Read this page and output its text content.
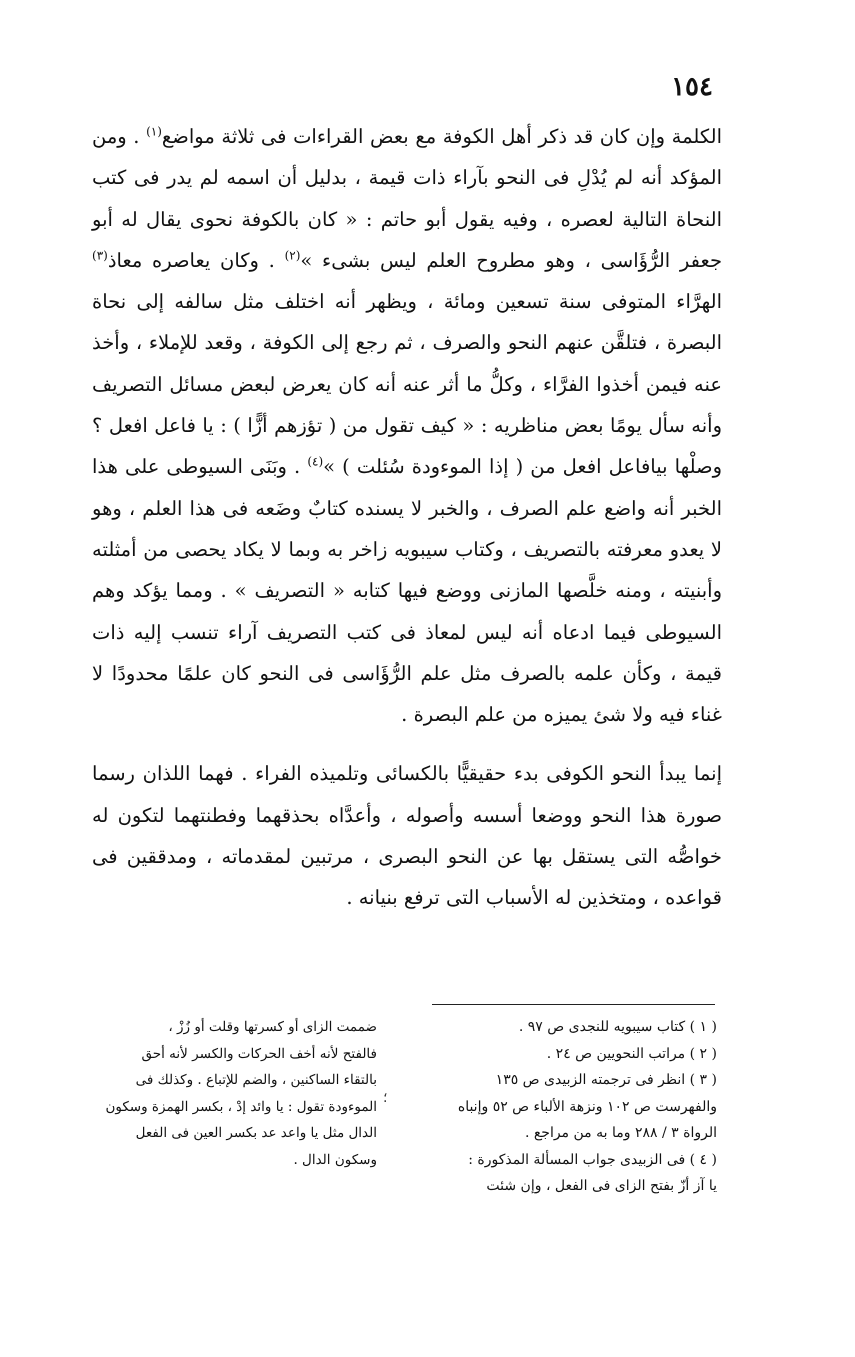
١٥٤

الكلمة وإن كان قد ذكر أهل الكوفة مع بعض القراءات فى ثلاثة مواضع$^{(١)}$ . ومن المؤكد أنه لم يُدْلِ فى النحو بآراء ذات قيمة ، بدليل أن اسمه لم يدر فى كتب النحاة التالية لعصره ، وفيه يقول أبو حاتم : « كان بالكوفة نحوى يقال له أبو جعفر الرُّؤَاسى ، وهو مطروح العلم ليس بشىء »$^{(٢)}$ . وكان يعاصره معاذ$^{(٣)}$ الهرَّاء المتوفى سنة تسعين ومائة ، ويظهر أنه اختلف مثل سالفه إلى نحاة البصرة ، فتلقَّن عنهم النحو والصرف ، ثم رجع إلى الكوفة ، وقعد للإملاء ، وأخذ عنه فيمن أخذوا الفرَّاء ، وكلُّ ما أثر عنه أنه كان يعرض لبعض مسائل التصريف وأنه سأل يومًا بعض مناظريه : « كيف تقول من ( تؤزهم أزًّا ) : يا فاعل افعل ؟ وصلْها بيافاعل افعل من ( إذا الموءودة سُئلت ) »$^{(٤)}$ . وبَنَى السيوطى على هذا الخبر أنه واضع علم الصرف ، والخبر لا يسنده كتابٌ وضَعه فى هذا العلم ، وهو لا يعدو معرفته بالتصريف ، وكتاب سيبويه زاخر به وبما لا يكاد يحصى من أمثلته وأبنيته ، ومنه خلَّصها المازنى ووضع فيها كتابه « التصريف » . ومما يؤكد وهم السيوطى فيما ادعاه أنه ليس لمعاذ فى كتب التصريف آراء تنسب إليه ذات قيمة ، وكأن علمه بالصرف مثل علم الرُّؤَاسى فى النحو كان علمًا محدودًا لا غناء فيه ولا شئ يميزه من علم البصرة .

إنما يبدأ النحو الكوفى بدء حقيقيًّا بالكسائى وتلميذه الفراء . فهما اللذان رسما صورة هذا النحو ووضعا أسسه وأصوله ، وأعدَّاه بحذقهما وفطنتهما لتكون له خواصُّه التى يستقل بها عن النحو البصرى ، مرتبين لمقدماته ، ومدققين فى قواعده ، ومتخذين له الأسباب التى ترفع بنيانه .

( ١ ) كتاب سيبويه للنجدى ص ٩٧ .

( ٢ ) مراتب النحويين ص ٢٤ .

( ٣ ) انظر فى ترجمته الزبيدى ص ١٣٥

والفهرست ص ١٠٢ ونزهة الألباء ص ٥٢ وإنباه

الرواة ٣ / ٢٨٨ وما به من مراجع .

( ٤ ) فى الزبيدى جواب المسألة المذكورة :

يا آز أزّ بفتح الزاى فى الفعل ، وإن شئت

؛

ضممت الزاى أو كسرتها وقلت أو زُزْ ،

فالفتح لأنه أخف الحركات والكسر لأنه أحق

بالتقاء الساكنين ، والضم للإتباع . وكذلك فى

الموءودة تقول : يا وائد إدْ ، بكسر الهمزة وسكون

الدال مثل يا واعد عد بكسر العين فى الفعل

وسكون الدال .
